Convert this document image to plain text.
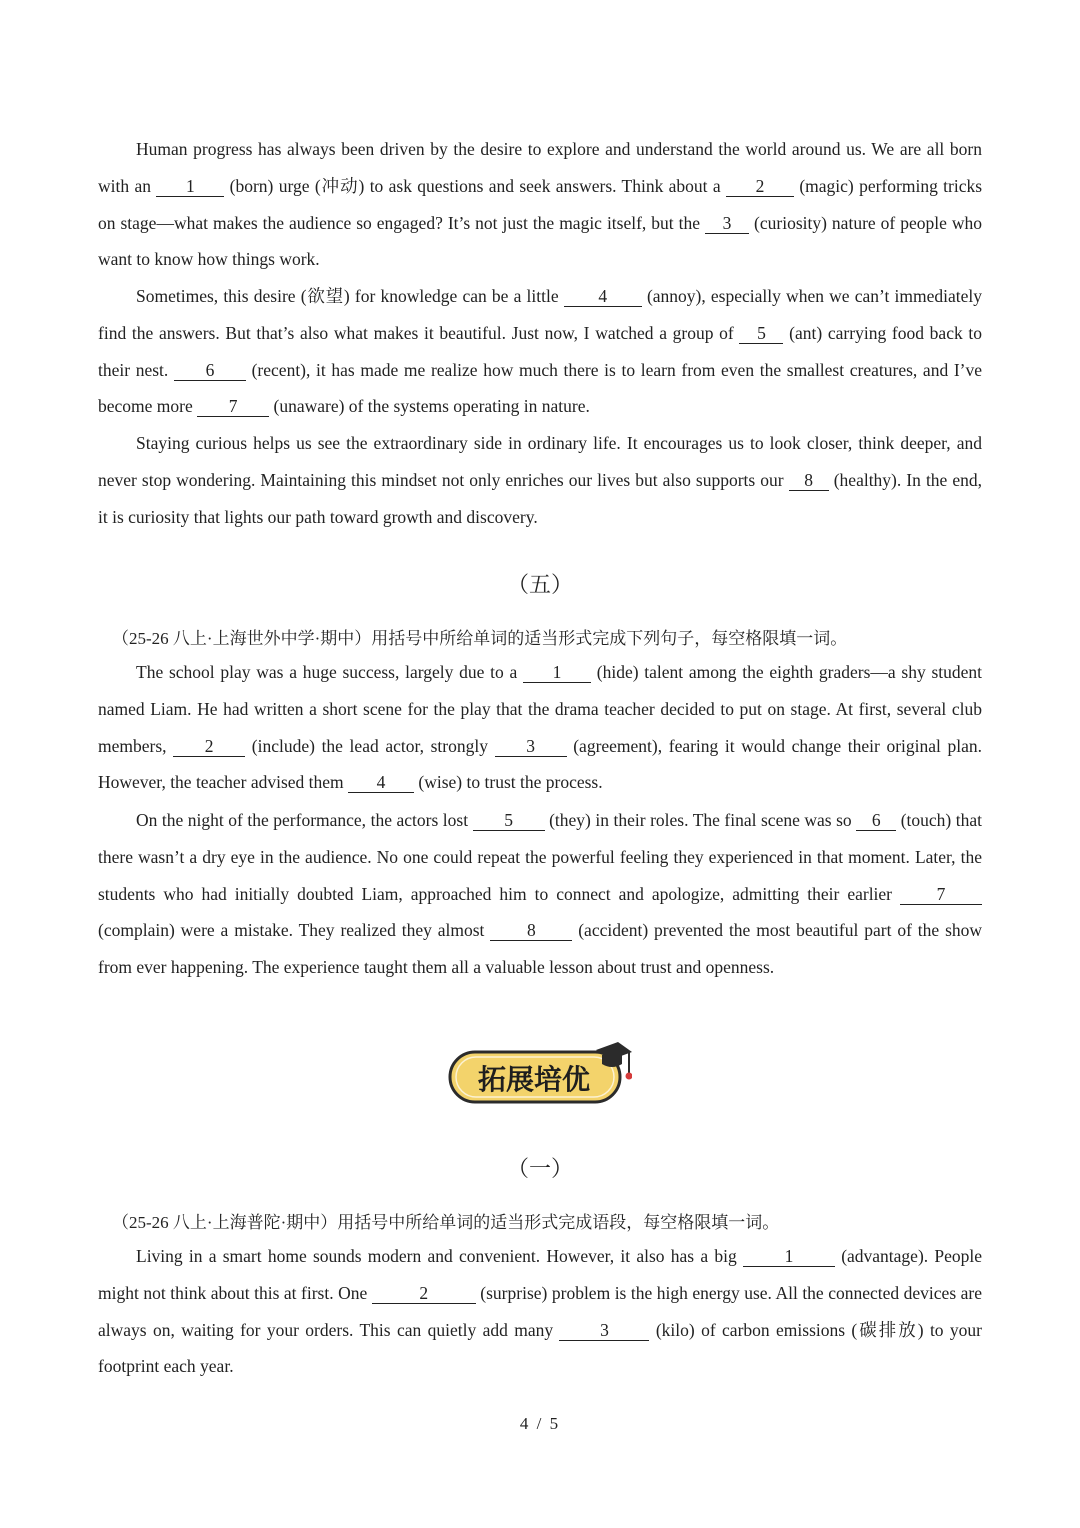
Human progress has always been driven by the desire to explore and understand the world around us. We are all born with an 1 (born) urge (冲动) to ask questions and seek answers. Think about a 2 (magic) performing tricks on stage—what makes the audience so engaged? It’s not just the magic itself, but the 3 (curiosity) nature of people who want to know how things work.

Sometimes, this desire (欲望) for knowledge can be a little 4 (annoy), especially when we can’t immediately find the answers. But that’s also what makes it beautiful. Just now, I watched a group of 5 (ant) carrying food back to their nest. 6 (recent), it has made me realize how much there is to learn from even the smallest creatures, and I’ve become more 7 (unaware) of the systems operating in nature.

Staying curious helps us see the extraordinary side in ordinary life. It encourages us to look closer, think deeper, and never stop wondering. Maintaining this mindset not only enriches our lives but also supports our 8 (healthy). In the end, it is curiosity that lights our path toward growth and discovery.

（五）
（25-26 八上·上海世外中学·期中）用括号中所给单词的适当形式完成下列句子，每空格限填一词。

The school play was a huge success, largely due to a 1 (hide) talent among the eighth graders—a shy student named Liam. He had written a short scene for the play that the drama teacher decided to put on stage. At first, several club members, 2 (include) the lead actor, strongly 3 (agreement), fearing it would change their original plan. However, the teacher advised them 4 (wise) to trust the process.

On the night of the performance, the actors lost 5 (they) in their roles. The final scene was so 6 (touch) that there wasn’t a dry eye in the audience. No one could repeat the powerful feeling they experienced in that moment. Later, the students who had initially doubted Liam, approached him to connect and apologize, admitting their earlier	7 (complain) were a mistake. They realized they almost 8 (accident) prevented the most beautiful part of the show from ever happening. The experience taught them all a valuable lesson about trust and openness.

拓展培优
（一）
（25-26 八上·上海普陀·期中）用括号中所给单词的适当形式完成语段，每空格限填一词。

Living in a smart home sounds modern and convenient. However, it also has a big	1	(advantage). People might not think about this at first. One	2	(surprise) problem is the high energy use. All the connected devices are always on, waiting for your orders. This can quietly add many	3	(kilo) of carbon emissions (碳排放) to your footprint each year.

4 / 5
